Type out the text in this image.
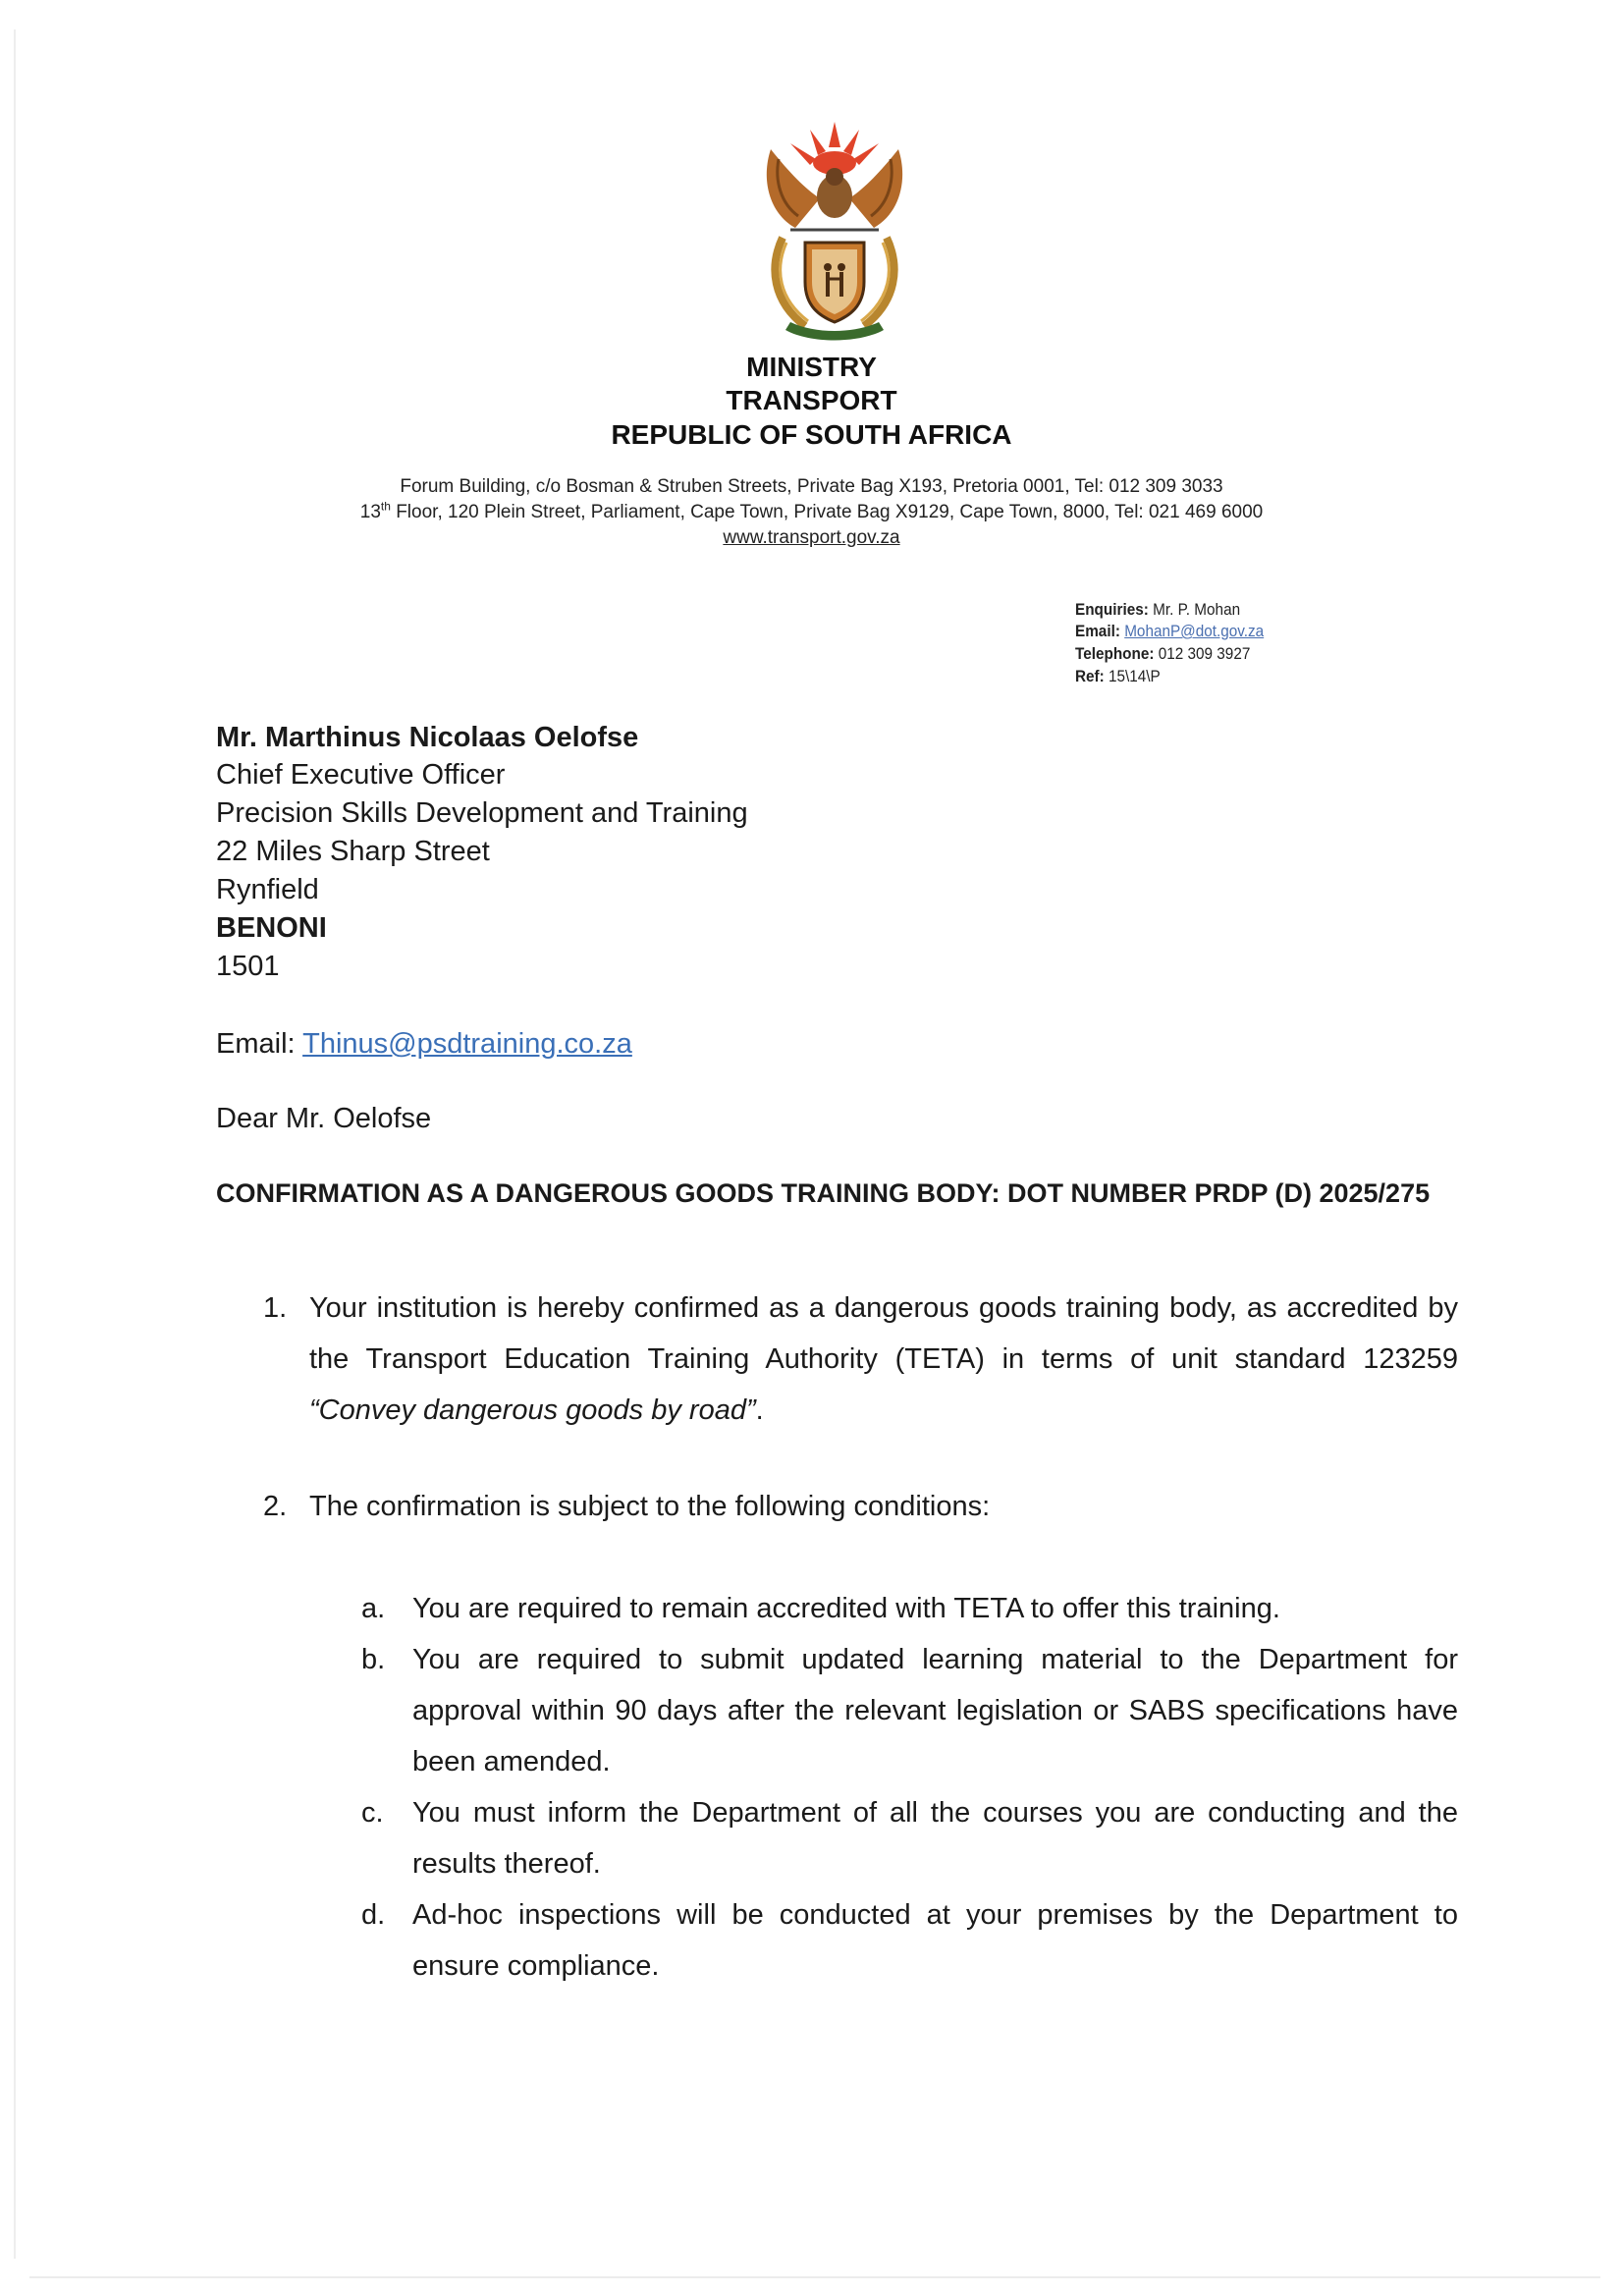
MINISTRY
TRANSPORT
REPUBLIC OF SOUTH AFRICA
Forum Building, c/o Bosman & Struben Streets, Private Bag X193, Pretoria 0001, Tel: 012 309 3033
13th Floor, 120 Plein Street, Parliament, Cape Town, Private Bag X9129, Cape Town, 8000, Tel: 021 469 6000
www.transport.gov.za
Enquiries: Mr. P. Mohan
Email: MohanP@dot.gov.za
Telephone: 012 309 3927
Ref: 15\14\P
Mr. Marthinus Nicolaas Oelofse
Chief Executive Officer
Precision Skills Development and Training
22 Miles Sharp Street
Rynfield
BENONI
1501
Email: Thinus@psdtraining.co.za
Dear Mr. Oelofse
CONFIRMATION AS A DANGEROUS GOODS TRAINING BODY: DOT NUMBER PRDP (D) 2025/275
1. Your institution is hereby confirmed as a dangerous goods training body, as accredited by the Transport Education Training Authority (TETA) in terms of unit standard 123259 “Convey dangerous goods by road”.
2. The confirmation is subject to the following conditions:
a. You are required to remain accredited with TETA to offer this training.
b. You are required to submit updated learning material to the Department for approval within 90 days after the relevant legislation or SABS specifications have been amended.
c. You must inform the Department of all the courses you are conducting and the results thereof.
d. Ad-hoc inspections will be conducted at your premises by the Department to ensure compliance.
